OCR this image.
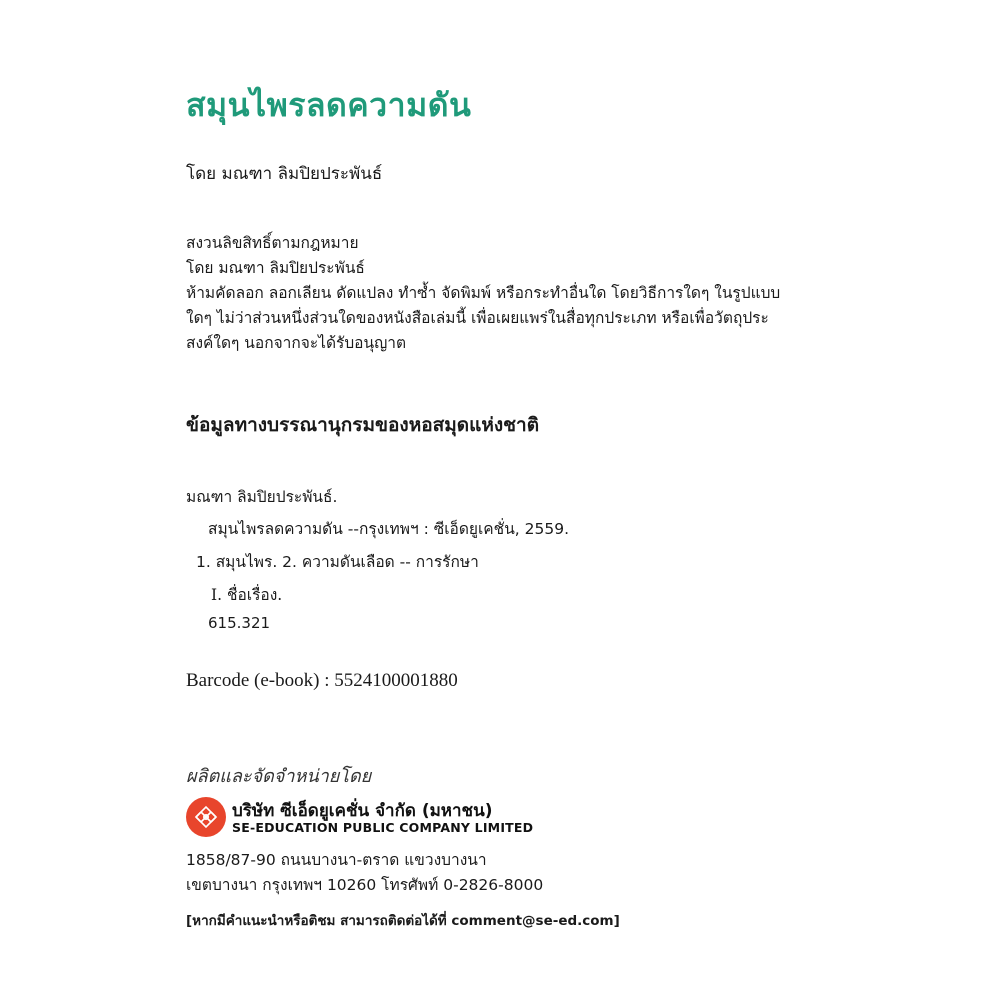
สมุนไพรลดความดัน
โดย มณฑา ลิมปิยประพันธ์
สงวนลิขสิทธิ์ตามกฎหมาย
โดย มณฑา ลิมปิยประพันธ์
ห้ามคัดลอก ลอกเลียน ดัดแปลง ทำซ้ำ จัดพิมพ์ หรือกระทำอื่นใด โดยวิธีการใดๆ ในรูปแบบ
ใดๆ ไม่ว่าส่วนหนึ่งส่วนใดของหนังสือเล่มนี้ เพื่อเผยแพร่ในสื่อทุกประเภท หรือเพื่อวัตถุประ
สงค์ใดๆ นอกจากจะได้รับอนุญาต
ข้อมูลทางบรรณานุกรมของหอสมุดแห่งชาติ
มณฑา ลิมปิยประพันธ์.
สมุนไพรลดความดัน --กรุงเทพฯ : ซีเอ็ดยูเคชั่น, 2559.
1. สมุนไพร. 2. ความดันเลือด -- การรักษา
I. ชื่อเรื่อง.
615.321
Barcode (e-book) : 5524100001880
ผลิตและจัดจำหน่ายโดย
บริษัท ซีเอ็ดยูเคชั่น จำกัด (มหาชน)
SE-EDUCATION PUBLIC COMPANY LIMITED
1858/87-90 ถนนบางนา-ตราด แขวงบางนา
เขตบางนา กรุงเทพฯ 10260 โทรศัพท์ 0-2826-8000
[หากมีคำแนะนำหรือติชม สามารถติดต่อได้ที่ comment@se-ed.com]
